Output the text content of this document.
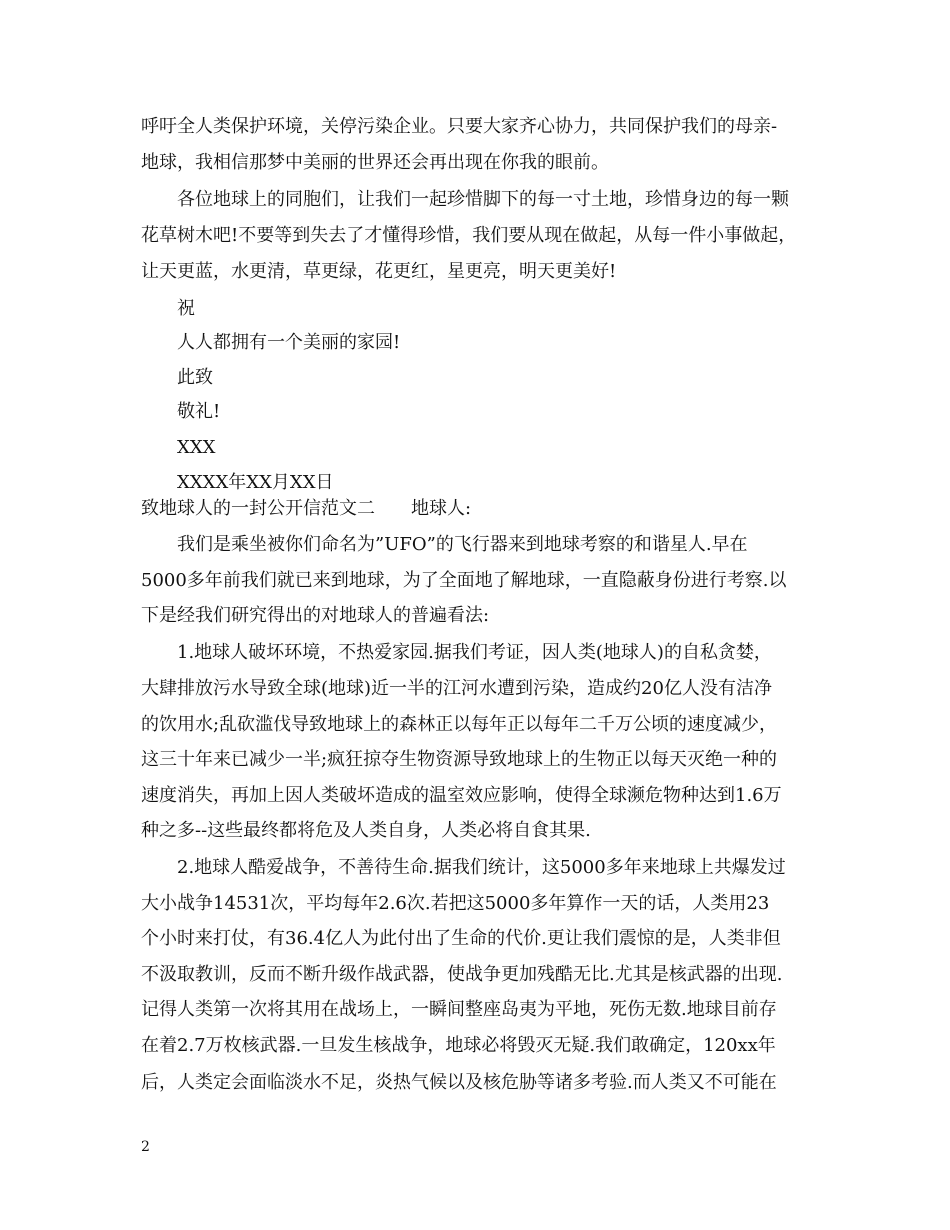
呼吁全人类保护环境，关停污染企业。只要大家齐心协力，共同保护我们的母亲-
地球，我相信那梦中美丽的世界还会再出现在你我的眼前。
各位地球上的同胞们，让我们一起珍惜脚下的每一寸土地，珍惜身边的每一颗
花草树木吧!不要等到失去了才懂得珍惜，我们要从现在做起，从每一件小事做起，
让天更蓝，水更清，草更绿，花更红，星更亮，明天更美好!
祝
人人都拥有一个美丽的家园!
此致
敬礼!
XXX
XXXX年XX月XX日
致地球人的一封公开信范文二　　地球人:
我们是乘坐被你们命名为”UFO”的飞行器来到地球考察的和谐星人.早在
5000多年前我们就已来到地球，为了全面地了解地球，一直隐蔽身份进行考察.以
下是经我们研究得出的对地球人的普遍看法:
1.地球人破坏环境，不热爱家园.据我们考证，因人类(地球人)的自私贪婪，
大肆排放污水导致全球(地球)近一半的江河水遭到污染，造成约20亿人没有洁净
的饮用水;乱砍滥伐导致地球上的森林正以每年正以每年二千万公顷的速度减少，
这三十年来已减少一半;疯狂掠夺生物资源导致地球上的生物正以每天灭绝一种的
速度消失，再加上因人类破坏造成的温室效应影响，使得全球濒危物种达到1.6万
种之多--这些最终都将危及人类自身，人类必将自食其果.
2.地球人酷爱战争，不善待生命.据我们统计，这5000多年来地球上共爆发过
大小战争14531次，平均每年2.6次.若把这5000多年算作一天的话，人类用23
个小时来打仗，有36.4亿人为此付出了生命的代价.更让我们震惊的是，人类非但
不汲取教训，反而不断升级作战武器，使战争更加残酷无比.尤其是核武器的出现.
记得人类第一次将其用在战场上，一瞬间整座岛夷为平地，死伤无数.地球目前存
在着2.7万枚核武器.一旦发生核战争，地球必将毁灭无疑.我们敢确定，120xx年
后，人类定会面临淡水不足，炎热气候以及核危胁等诸多考验.而人类又不可能在
2
